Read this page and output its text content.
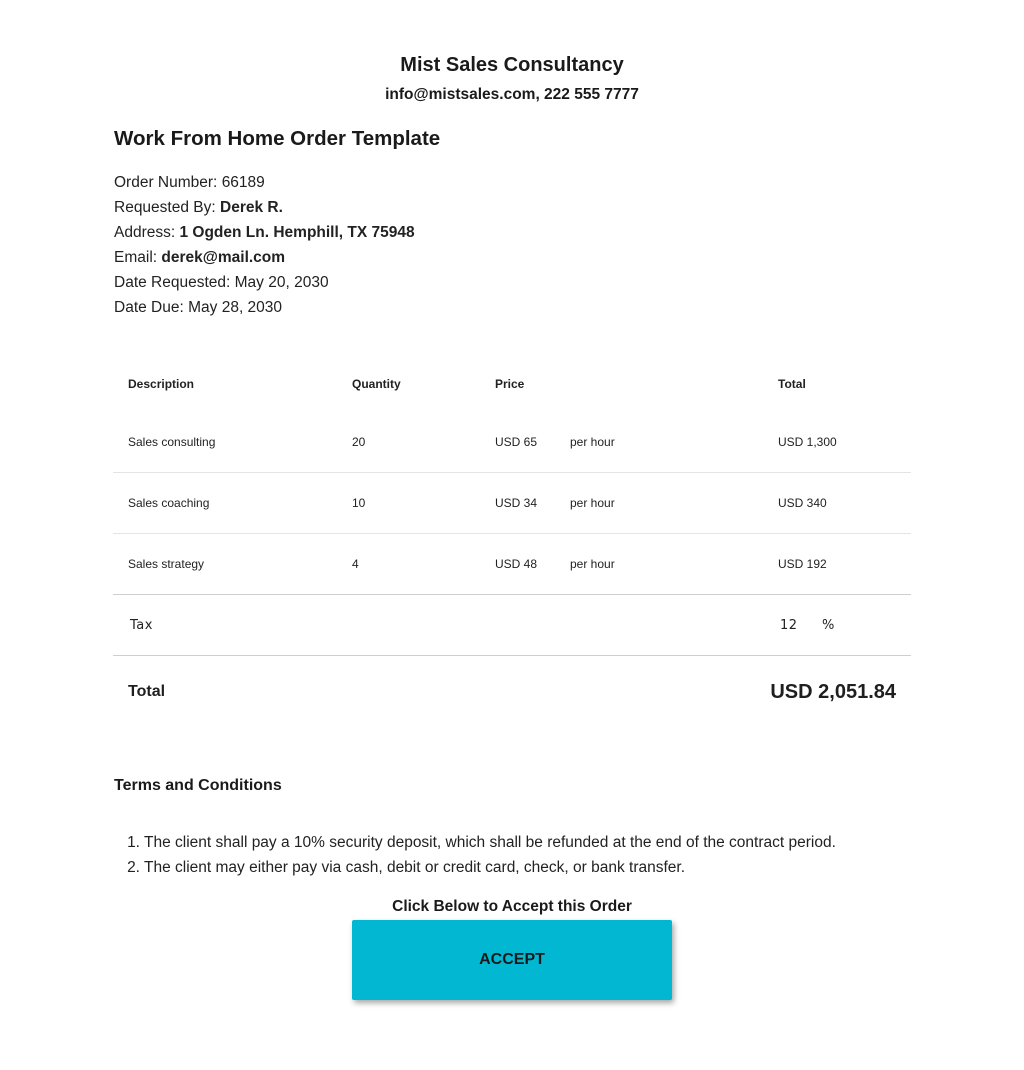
Mist Sales Consultancy
info@mistsales.com, 222 555 7777
Work From Home Order Template
Order Number: 66189
Requested By: Derek R.
Address: 1 Ogden Ln. Hemphill, TX 75948
Email: derek@mail.com
Date Requested: May 20, 2030
Date Due: May 28, 2030
Description	Quantity	Price	Total
Sales consulting	20	USD 65	per hour	USD 1,300
Sales coaching	10	USD 34	per hour	USD 340
Sales strategy	4	USD 48	per hour	USD 192
Tax	12 %
Total	USD 2,051.84
Terms and Conditions
1. The client shall pay a 10% security deposit, which shall be refunded at the end of the contract period.
2. The client may either pay via cash, debit or credit card, check, or bank transfer.
Click Below to Accept this Order
ACCEPT
